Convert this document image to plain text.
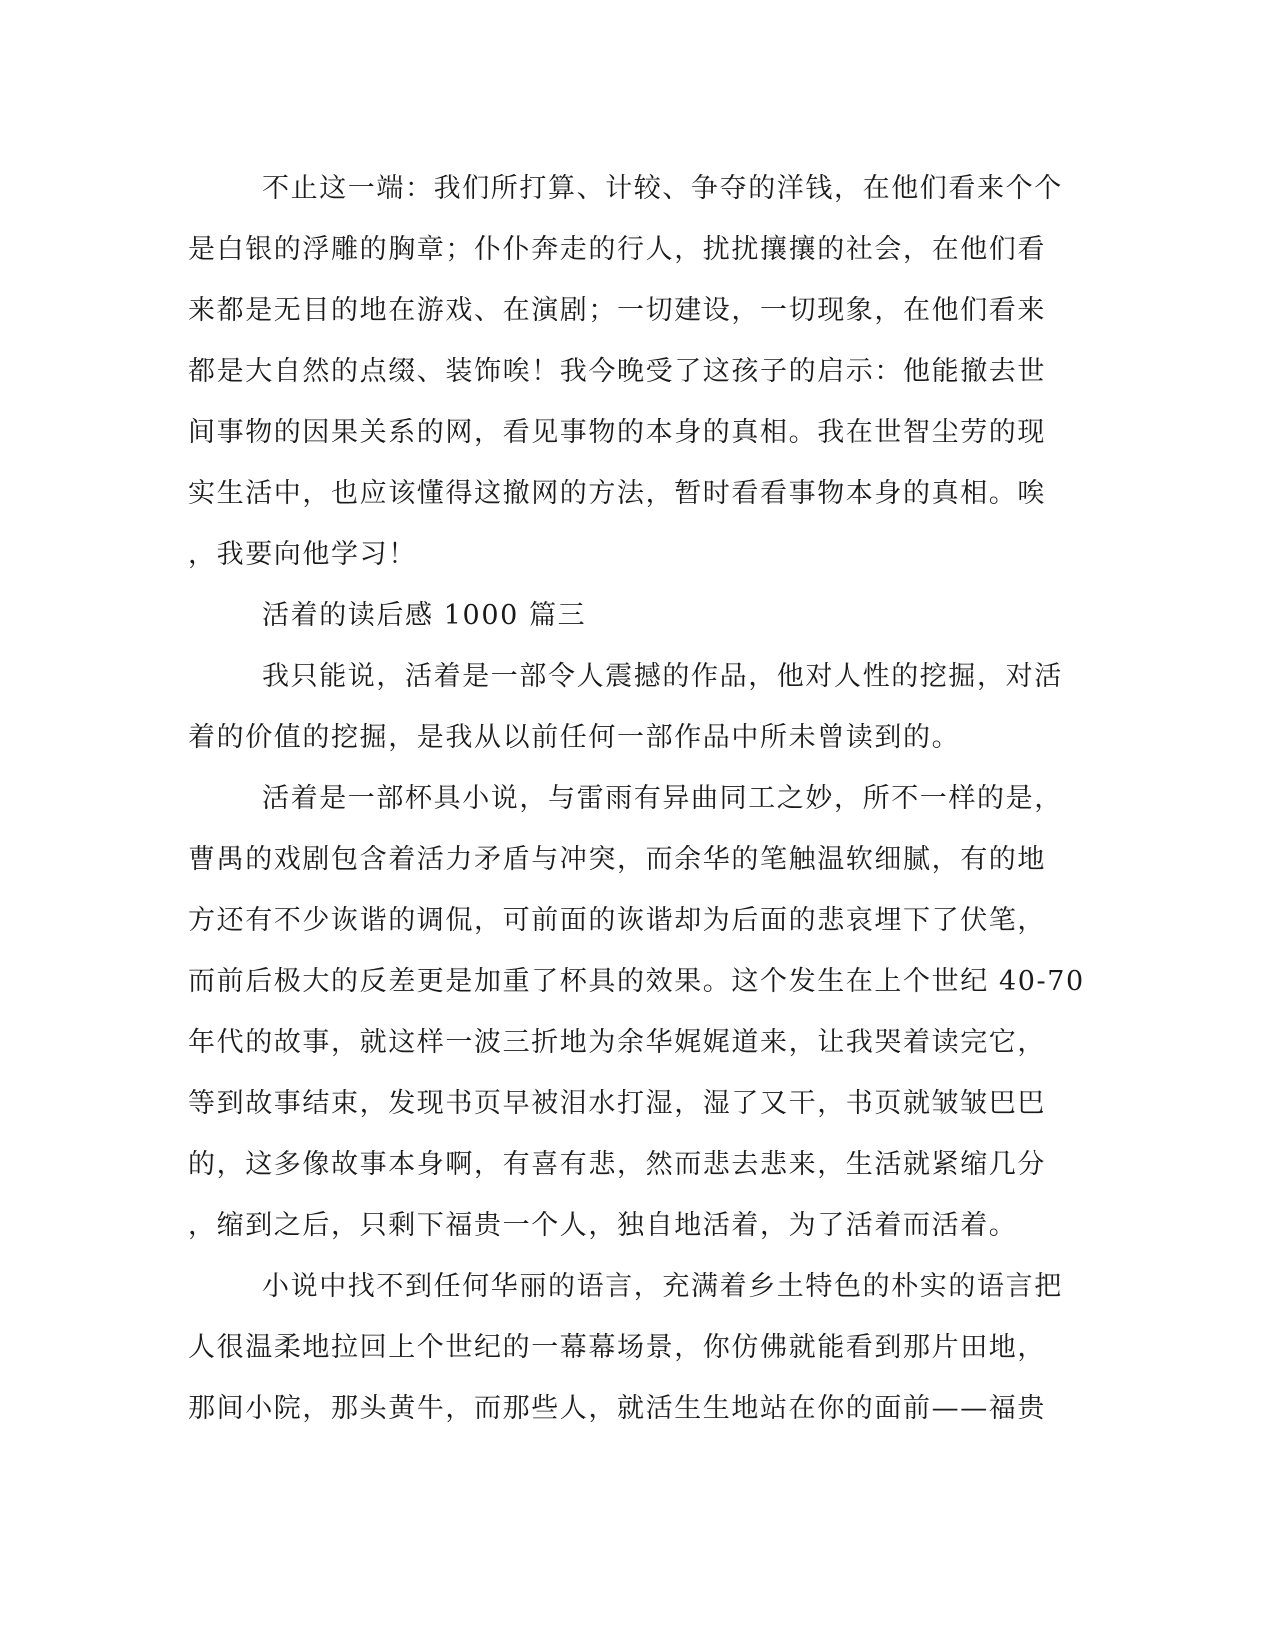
不止这一端：我们所打算、计较、争夺的洋钱，在他们看来个个
是白银的浮雕的胸章；仆仆奔走的行人，扰扰攘攘的社会，在他们看
来都是无目的地在游戏、在演剧；一切建设，一切现象，在他们看来
都是大自然的点缀、装饰唉！我今晚受了这孩子的启示：他能撤去世
间事物的因果关系的网，看见事物的本身的真相。我在世智尘劳的现
实生活中，也应该懂得这撤网的方法，暂时看看事物本身的真相。唉
，我要向他学习！
活着的读后感 1000 篇三
我只能说，活着是一部令人震撼的作品，他对人性的挖掘，对活
着的价值的挖掘，是我从以前任何一部作品中所未曾读到的。
活着是一部杯具小说，与雷雨有异曲同工之妙，所不一样的是，
曹禺的戏剧包含着活力矛盾与冲突，而余华的笔触温软细腻，有的地
方还有不少诙谐的调侃，可前面的诙谐却为后面的悲哀埋下了伏笔，
而前后极大的反差更是加重了杯具的效果。这个发生在上个世纪 40-70
年代的故事，就这样一波三折地为余华娓娓道来，让我哭着读完它，
等到故事结束，发现书页早被泪水打湿，湿了又干，书页就皱皱巴巴
的，这多像故事本身啊，有喜有悲，然而悲去悲来，生活就紧缩几分
，缩到之后，只剩下福贵一个人，独自地活着，为了活着而活着。
小说中找不到任何华丽的语言，充满着乡土特色的朴实的语言把
人很温柔地拉回上个世纪的一幕幕场景，你仿佛就能看到那片田地，
那间小院，那头黄牛，而那些人，就活生生地站在你的面前——福贵
